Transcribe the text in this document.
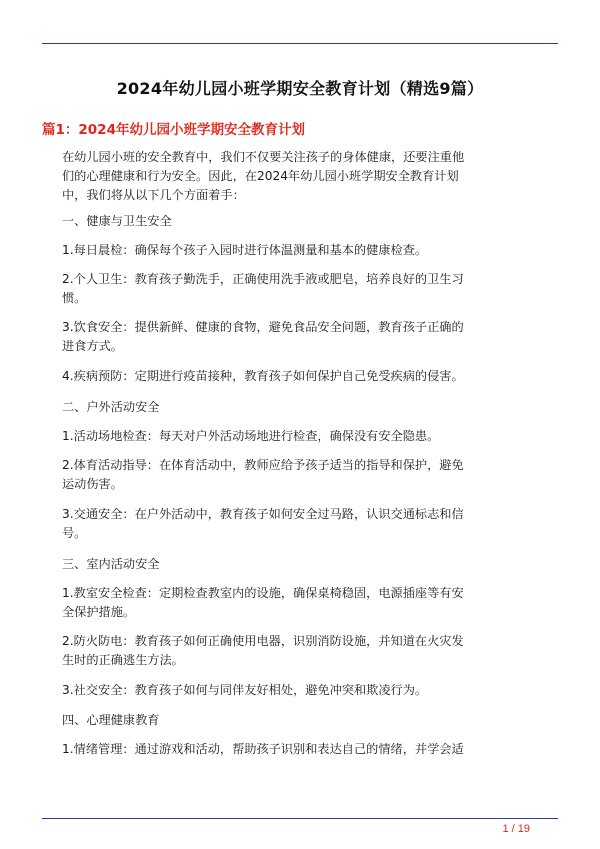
2024年幼儿园小班学期安全教育计划（精选9篇）
篇1：2024年幼儿园小班学期安全教育计划
在幼儿园小班的安全教育中，我们不仅要关注孩子的身体健康，还要注重他们的心理健康和行为安全。因此，在2024年幼儿园小班学期安全教育计划中，我们将从以下几个方面着手：
一、健康与卫生安全
1.每日晨检：确保每个孩子入园时进行体温测量和基本的健康检查。
2.个人卫生：教育孩子勤洗手，正确使用洗手液或肥皂，培养良好的卫生习惯。
3.饮食安全：提供新鲜、健康的食物，避免食品安全问题，教育孩子正确的进食方式。
4.疾病预防：定期进行疫苗接种，教育孩子如何保护自己免受疾病的侵害。
二、户外活动安全
1.活动场地检查：每天对户外活动场地进行检查，确保没有安全隐患。
2.体育活动指导：在体育活动中，教师应给予孩子适当的指导和保护，避免运动伤害。
3.交通安全：在户外活动中，教育孩子如何安全过马路，认识交通标志和信号。
三、室内活动安全
1.教室安全检查：定期检查教室内的设施，确保桌椅稳固，电源插座等有安全保护措施。
2.防火防电：教育孩子如何正确使用电器，识别消防设施，并知道在火灾发生时的正确逃生方法。
3.社交安全：教育孩子如何与同伴友好相处，避免冲突和欺凌行为。
四、心理健康教育
1.情绪管理：通过游戏和活动，帮助孩子识别和表达自己的情绪，并学会适
1 / 19
